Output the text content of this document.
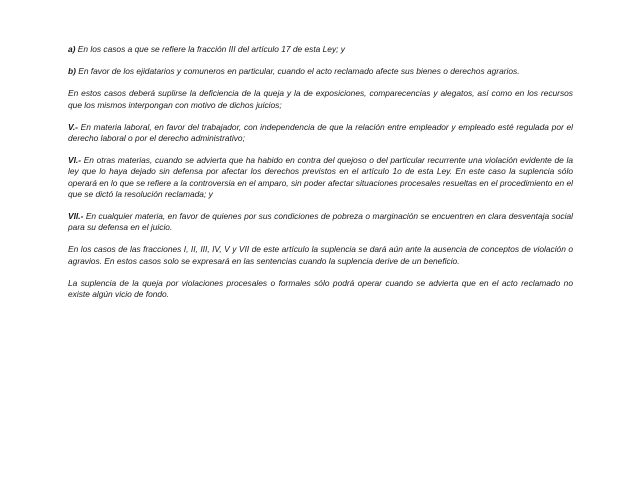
a) En los casos a que se refiere la fracción III del artículo 17 de esta Ley; y

b) En favor de los ejidatarios y comuneros en particular, cuando el acto reclamado afecte sus bienes o derechos agrarios.

En estos casos deberá suplirse la deficiencia de la queja y la de exposiciones, comparecencias y alegatos, así como en los recursos que los mismos interpongan con motivo de dichos juicios;

V.- En materia laboral, en favor del trabajador, con independencia de que la relación entre empleador y empleado esté regulada por el derecho laboral o por el derecho administrativo;

VI.- En otras materias, cuando se advierta que ha habido en contra del quejoso o del particular recurrente una violación evidente de la ley que lo haya dejado sin defensa por afectar los derechos previstos en el artículo 1o de esta Ley. En este caso la suplencia sólo operará en lo que se refiere a la controversia en el amparo, sin poder afectar situaciones procesales resueltas en el procedimiento en el que se dictó la resolución reclamada; y

VII.- En cualquier materia, en favor de quienes por sus condiciones de pobreza o marginación se encuentren en clara desventaja social para su defensa en el juicio.

En los casos de las fracciones I, II, III, IV, V y VII de este artículo la suplencia se dará aún ante la ausencia de conceptos de violación o agravios. En estos casos solo se expresará en las sentencias cuando la suplencia derive de un beneficio.

La suplencia de la queja por violaciones procesales o formales sólo podrá operar cuando se advierta que en el acto reclamado no existe algún vicio de fondo.
